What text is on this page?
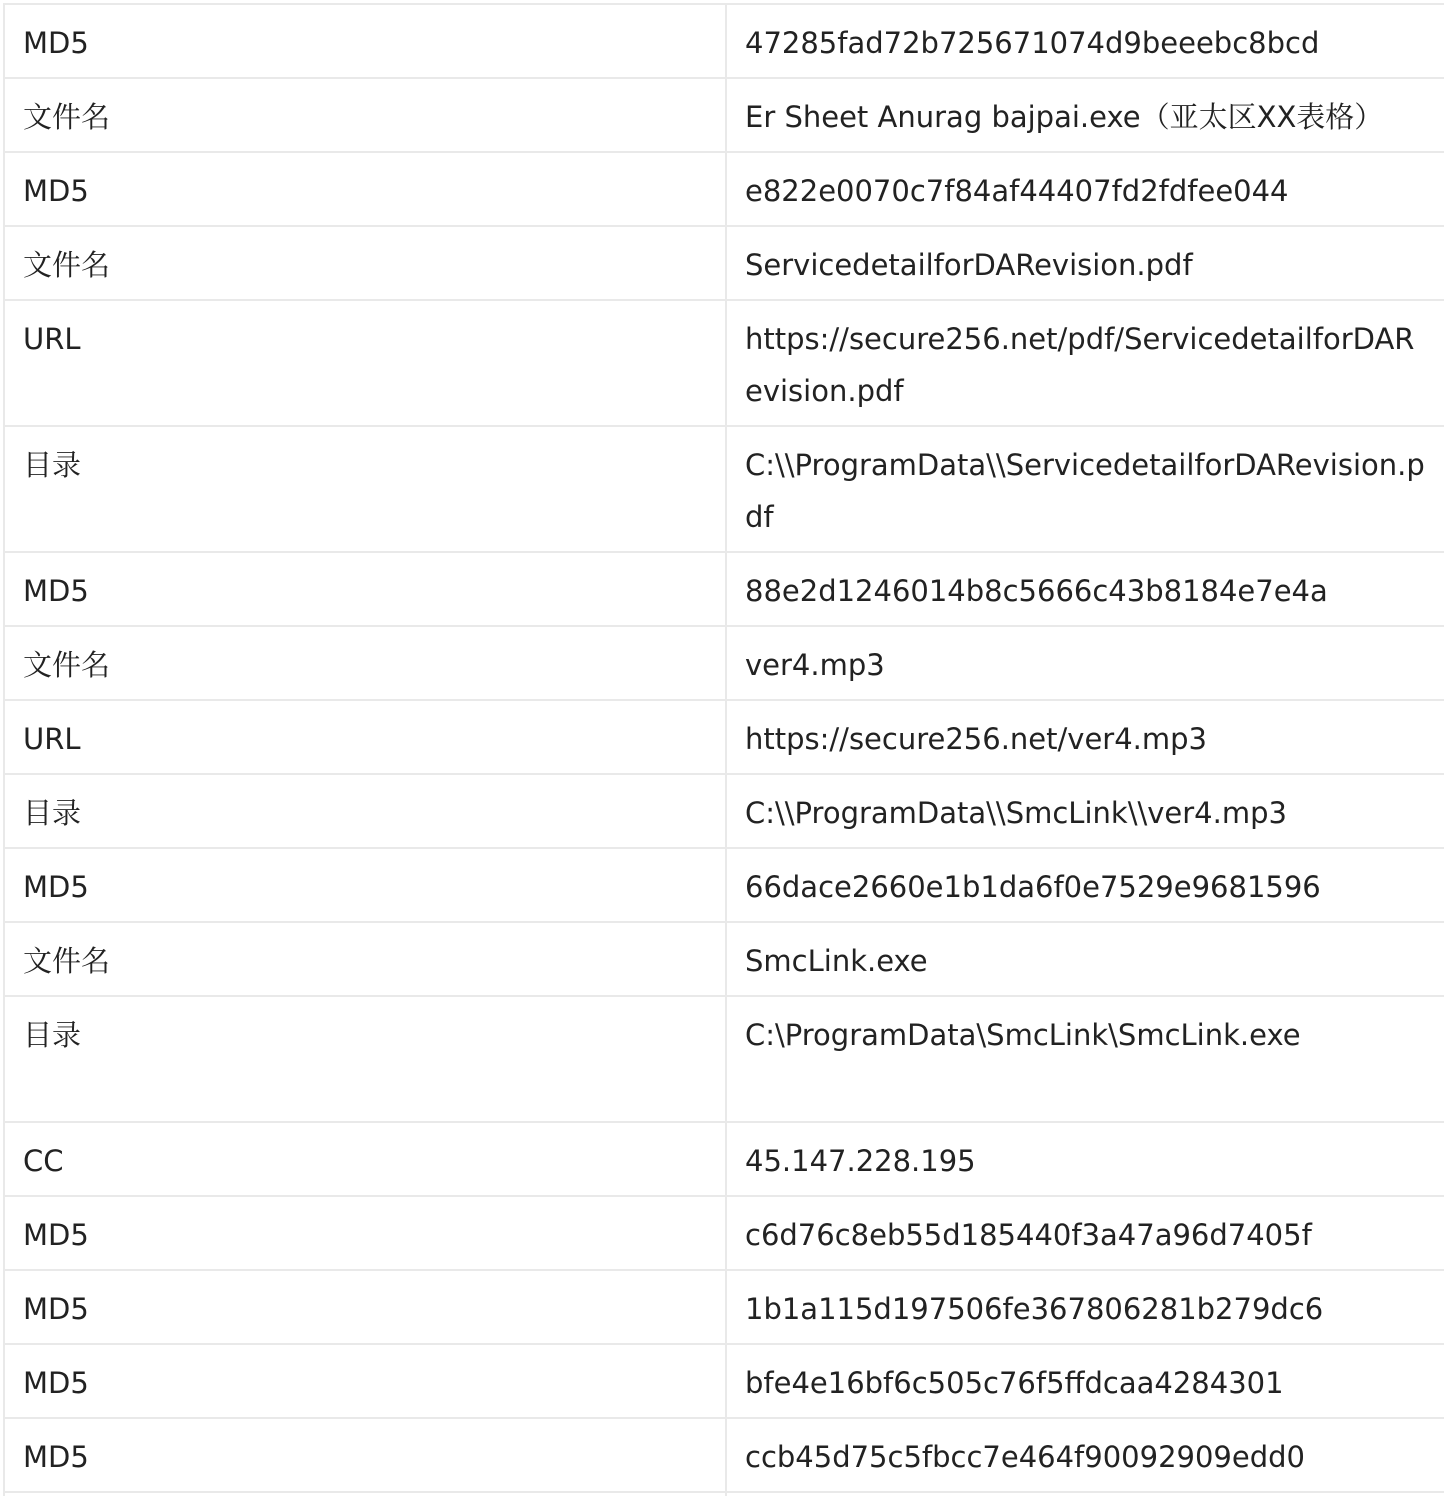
MD5	47285fad72b725671074d9beeebc8bcd
文件名	Er Sheet Anurag bajpai.exe（亚太区XX表格）
MD5	e822e0070c7f84af44407fd2fdfee044
文件名	ServicedetailforDARevision.pdf
URL	https://secure256.net/pdf/ServicedetailforDARevision.pdf
目录	C:\\ProgramData\\ServicedetailforDARevision.pdf
MD5	88e2d1246014b8c5666c43b8184e7e4a
文件名	ver4.mp3
URL	https://secure256.net/ver4.mp3
目录	C:\\ProgramData\\SmcLink\\ver4.mp3
MD5	66dace2660e1b1da6f0e7529e9681596
文件名	SmcLink.exe
目录	C:\ProgramData\SmcLink\SmcLink.exe
CC	45.147.228.195
MD5	c6d76c8eb55d185440f3a47a96d7405f
MD5	1b1a115d197506fe367806281b279dc6
MD5	bfe4e16bf6c505c76f5ffdcaa4284301
MD5	ccb45d75c5fbcc7e464f90092909edd0
